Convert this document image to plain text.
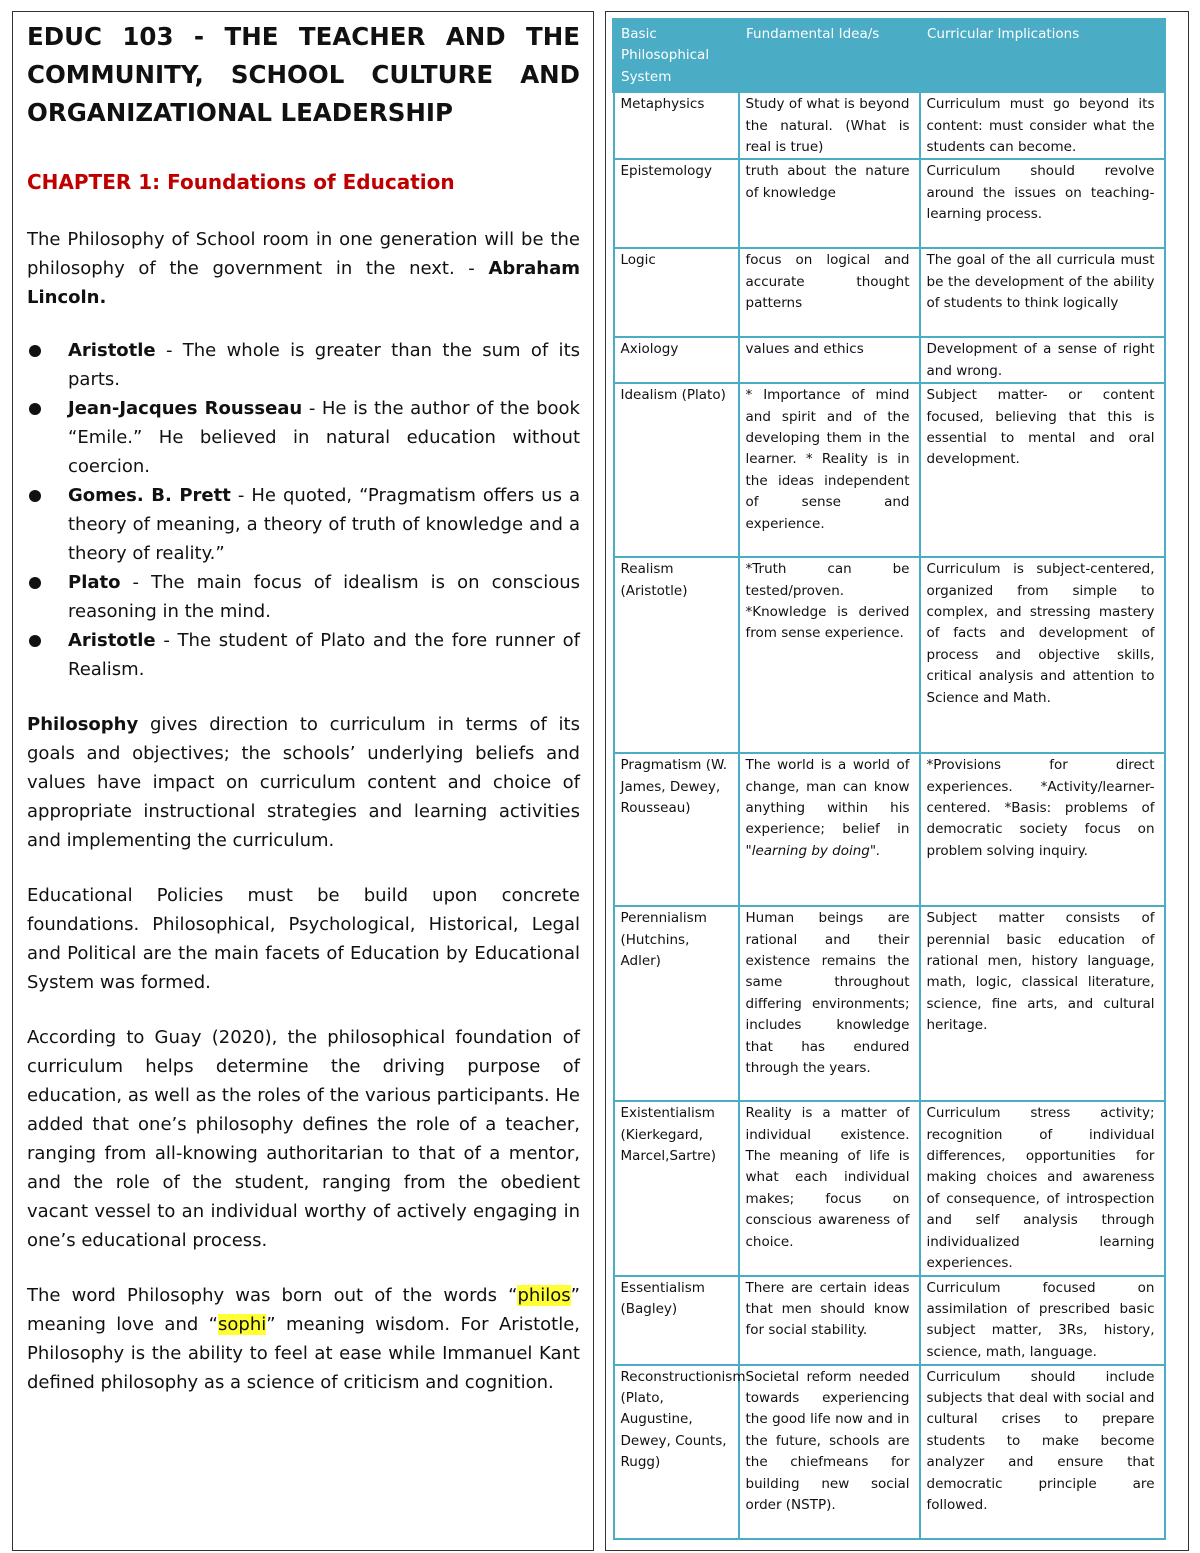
EDUC 103 - THE TEACHER AND THE COMMUNITY, SCHOOL CULTURE AND ORGANIZATIONAL LEADERSHIP
CHAPTER 1: Foundations of Education

The Philosophy of School room in one generation will be the philosophy of the government in the next. - Abraham Lincoln.

Aristotle - The whole is greater than the sum of its parts.
Jean-Jacques Rousseau - He is the author of the book “Emile.” He believed in natural education without coercion.
Gomes. B. Prett - He quoted, “Pragmatism offers us a theory of meaning, a theory of truth of knowledge and a theory of reality.”
Plato - The main focus of idealism is on conscious reasoning in the mind.
Aristotle - The student of Plato and the fore runner of Realism.

Philosophy gives direction to curriculum in terms of its goals and objectives; the schools’ underlying beliefs and values have impact on curriculum content and choice of appropriate instructional strategies and learning activities and implementing the curriculum.

Educational Policies must be build upon concrete foundations. Philosophical, Psychological, Historical, Legal and Political are the main facets of Education by Educational System was formed.

According to Guay (2020), the philosophical foundation of curriculum helps determine the driving purpose of education, as well as the roles of the various participants. He added that one’s philosophy defines the role of a teacher, ranging from all-knowing authoritarian to that of a mentor, and the role of the student, ranging from the obedient vacant vessel to an individual worthy of actively engaging in one’s educational process.

The word Philosophy was born out of the words “philos” meaning love and “sophi” meaning wisdom. For Aristotle, Philosophy is the ability to feel at ease while Immanuel Kant defined philosophy as a science of criticism and cognition.

Basic Philosophical System	Fundamental Idea/s	Curricular Implications
Metaphysics	Study of what is beyond the natural. (What is real is true)	Curriculum must go beyond its content: must consider what the students can become.
Epistemology	truth about the nature of knowledge	Curriculum should revolve around the issues on teaching-learning process.
Logic	focus on logical and accurate thought patterns	The goal of the all curricula must be the development of the ability of students to think logically
Axiology	values and ethics	Development of a sense of right and wrong.
Idealism (Plato)	* Importance of mind and spirit and of the developing them in the learner. * Reality is in the ideas independent of sense and experience.	Subject matter- or content focused, believing that this is essential to mental and oral development.
Realism (Aristotle)	*Truth can be tested/proven. *Knowledge is derived from sense experience.	Curriculum is subject-centered, organized from simple to complex, and stressing mastery of facts and development of process and objective skills, critical analysis and attention to Science and Math.
Pragmatism (W. James, Dewey, Rousseau)	The world is a world of change, man can know anything within his experience; belief in "learning by doing".	*Provisions for direct experiences. *Activity/learner-centered. *Basis: problems of democratic society focus on problem solving inquiry.
Perennialism (Hutchins, Adler)	Human beings are rational and their existence remains the same throughout differing environments; includes knowledge that has endured through the years.	Subject matter consists of perennial basic education of rational men, history language, math, logic, classical literature, science, fine arts, and cultural heritage.
Existentialism (Kierkegard, Marcel,Sartre)	Reality is a matter of individual existence. The meaning of life is what each individual makes; focus on conscious awareness of choice.	Curriculum stress activity; recognition of individual differences, opportunities for making choices and awareness of consequence, of introspection and self analysis through individualized learning experiences.
Essentialism (Bagley)	There are certain ideas that men should know for social stability.	Curriculum focused on assimilation of prescribed basic subject matter, 3Rs, history, science, math, language.
Reconstructionism (Plato, Augustine, Dewey, Counts, Rugg)	Societal reform needed towards experiencing the good life now and in the future, schools are the chiefmeans for building new social order (NSTP).	Curriculum should include subjects that deal with social and cultural crises to prepare students to make become analyzer and ensure that democratic principle are followed.
